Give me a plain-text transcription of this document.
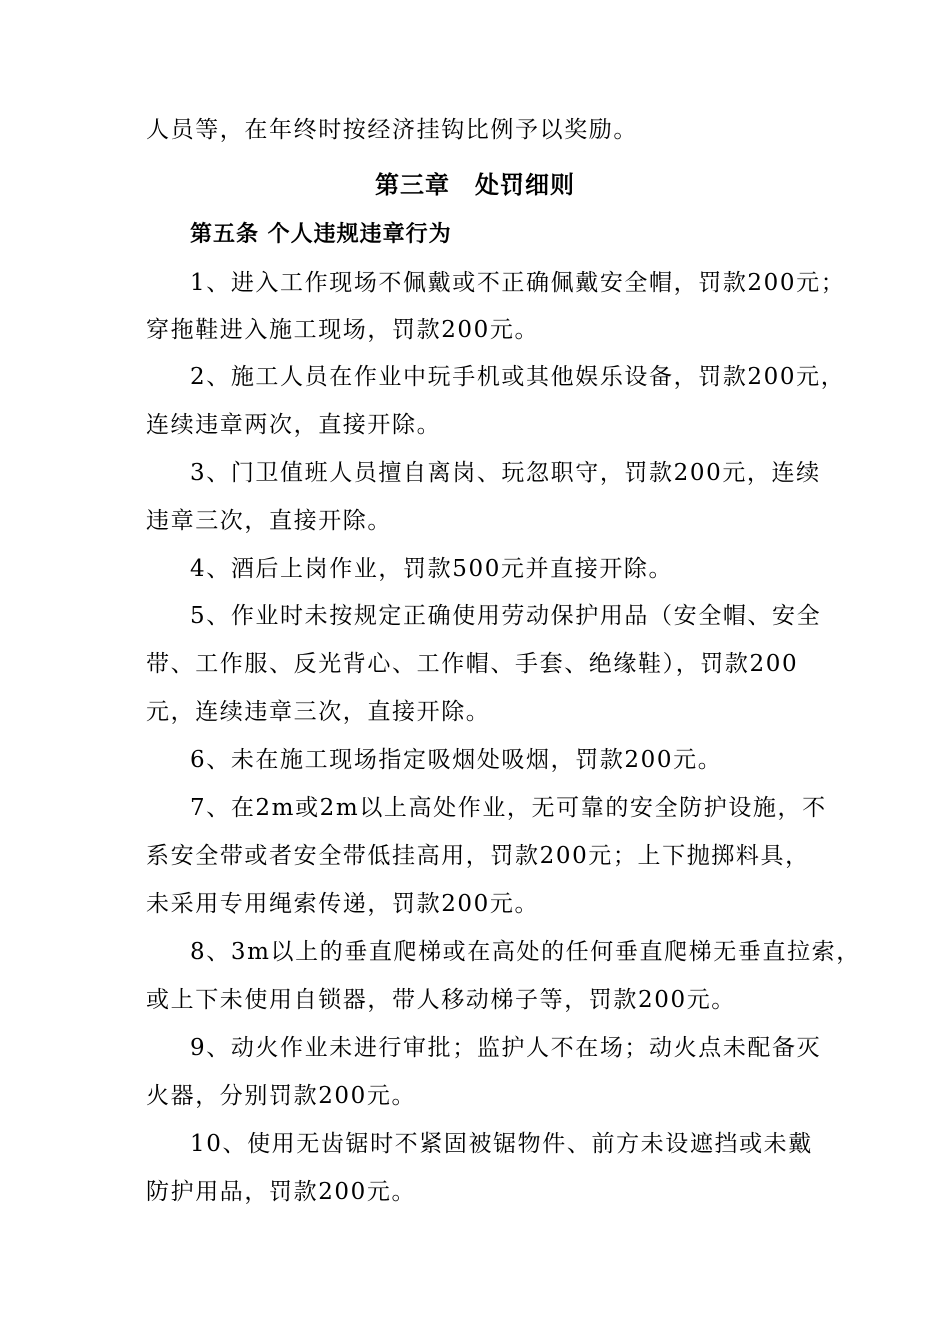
人员等，在年终时按经济挂钩比例予以奖励。

第三章　处罚细则
第五条 个人违规违章行为

1、进入工作现场不佩戴或不正确佩戴安全帽，罚款200元；

穿拖鞋进入施工现场，罚款200元。

2、施工人员在作业中玩手机或其他娱乐设备，罚款200元，

连续违章两次，直接开除。

3、门卫值班人员擅自离岗、玩忽职守，罚款200元，连续

违章三次，直接开除。

4、酒后上岗作业，罚款500元并直接开除。

5、作业时未按规定正确使用劳动保护用品（安全帽、安全

带、工作服、反光背心、工作帽、手套、绝缘鞋），罚款200

元，连续违章三次，直接开除。

6、未在施工现场指定吸烟处吸烟，罚款200元。

7、在2m或2m以上高处作业，无可靠的安全防护设施，不

系安全带或者安全带低挂高用，罚款200元；上下抛掷料具，

未采用专用绳索传递，罚款200元。

8、3m以上的垂直爬梯或在高处的任何垂直爬梯无垂直拉索，

或上下未使用自锁器，带人移动梯子等，罚款200元。

9、动火作业未进行审批；监护人不在场；动火点未配备灭

火器，分别罚款200元。

10、使用无齿锯时不紧固被锯物件、前方未设遮挡或未戴

防护用品，罚款200元。
